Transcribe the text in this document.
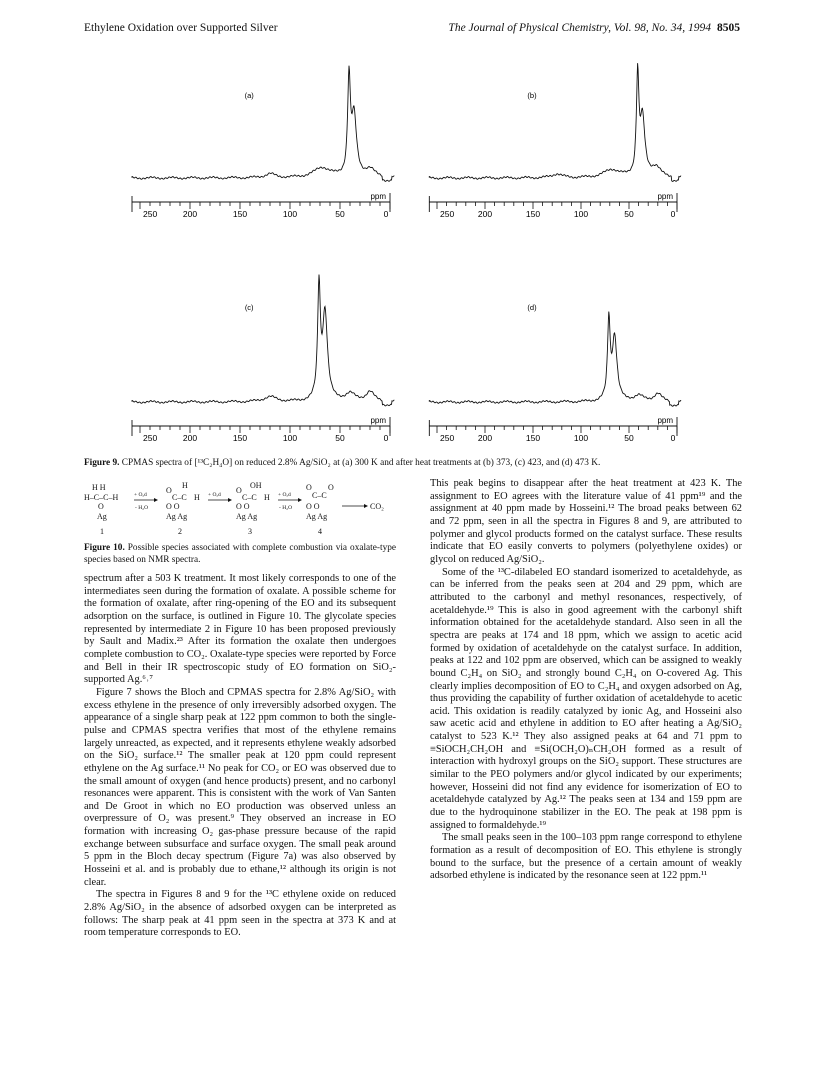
Ethylene Oxidation over Supported Silver	The Journal of Physical Chemistry, Vol. 98, No. 34, 1994 8505
(a)
ppm
250	200	150	100	50	0
(b)
ppm
250	200	150	100	50	0
(c)
ppm
250	200	150	100	50	0
(d)
ppm
250	200	150	100	50	0
Figure 9. CPMAS spectra of [¹³C₂H₄O] on reduced 2.8% Ag/SiO₂ at (a) 300 K and after heat treatments at (b) 373, (c) 423, and (d) 473 K.
H H
H–C–C–H
O
Ag
+ Oₐd
- H₂O
H
O
C–C H
O O
Ag Ag
+ Oₐd
OH
O
C–C H
O O
Ag Ag
+ Oₐd
- H₂O
O O
C–C
O O
Ag Ag
CO₂
1	2	3	4
Figure 10. Possible species associated with complete combustion via oxalate-type species based on NMR spectra.

spectrum after a 503 K treatment. It most likely corresponds to one of the intermediates seen during the formation of oxalate. A possible scheme for the formation of oxalate, after ring-opening of the EO and its subsequent adsorption on the surface, is outlined in Figure 10. The glycolate species represented by intermediate 2 in Figure 10 has been proposed previously by Sault and Madix.²³ After its formation the oxalate then undergoes complete combustion to CO₂. Oxalate-type species were reported by Force and Bell in their IR spectroscopic study of EO formation on SiO₂-supported Ag.⁶˒⁷

Figure 7 shows the Bloch and CPMAS spectra for 2.8% Ag/SiO₂ with excess ethylene in the presence of only irreversibly adsorbed oxygen. The appearance of a single sharp peak at 122 ppm common to both the single-pulse and CPMAS spectra verifies that most of the ethylene remains largely unreacted, as expected, and it represents ethylene weakly adsorbed on the SiO₂ surface.¹² The smaller peak at 120 ppm could represent ethylene on the Ag surface.¹¹ No peak for CO₂ or EO was observed due to the small amount of oxygen (and hence products) present, and no carbonyl resonances were apparent. This is consistent with the work of Van Santen and De Groot in which no EO production was observed unless an overpressure of O₂ was present.⁹ They observed an increase in EO formation with increasing O₂ gas-phase pressure because of the rapid exchange between subsurface and surface oxygen. The small peak around 5 ppm in the Bloch decay spectrum (Figure 7a) was also observed by Hosseini et al. and is probably due to ethane,¹² although its origin is not clear.

The spectra in Figures 8 and 9 for the ¹³C ethylene oxide on reduced 2.8% Ag/SiO₂ in the absence of adsorbed oxygen can be interpreted as follows: The sharp peak at 41 ppm seen in the spectra at 373 K and at room temperature corresponds to EO.

This peak begins to disappear after the heat treatment at 423 K. The assignment to EO agrees with the literature value of 41 ppm¹⁹ and the assignment at 40 ppm made by Hosseini.¹² The broad peaks between 62 and 72 ppm, seen in all the spectra in Figures 8 and 9, are attributed to polymer and glycol products formed on the catalyst surface. These results indicate that EO easily converts to polymers (polyethylene oxides) or glycol on reduced Ag/SiO₂.

Some of the ¹³C-dilabeled EO standard isomerized to acetaldehyde, as can be inferred from the peaks seen at 204 and 29 ppm, which are attributed to the carbonyl and methyl resonances, respectively, of acetaldehyde.¹⁹ This is also in good agreement with the carbonyl shift information obtained for the acetaldehyde standard. Also seen in all the spectra are peaks at 174 and 18 ppm, which we assign to acetic acid formed by oxidation of acetaldehyde on the catalyst surface. In addition, peaks at 122 and 102 ppm are observed, which can be assigned to weakly bound C₂H₄ on SiO₂ and strongly bound C₂H₄ on O-covered Ag. This clearly implies decomposition of EO to C₂H₄ and oxygen adsorbed on Ag, thus providing the capability of further oxidation of acetaldehyde to acetic acid. This oxidation is readily catalyzed by ionic Ag, and Hosseini also saw acetic acid and ethylene in addition to EO after heating a Ag/SiO₂ catalyst to 523 K.¹² They also assigned peaks at 64 and 71 ppm to ≡SiOCH₂CH₂OH and ≡Si(OCH₂O)ₙCH₂OH formed as a result of interaction with hydroxyl groups on the SiO₂ support. These structures are similar to the PEO polymers and/or glycol indicated by our experiments; however, Hosseini did not find any evidence for isomerization of EO to acetaldehyde catalyzed by Ag.¹² The peaks seen at 134 and 159 ppm are due to the hydroquinone stabilizer in the EO. The peak at 198 ppm is assigned to formaldehyde.¹⁹

The small peaks seen in the 100–103 ppm range correspond to ethylene formation as a result of decomposition of EO. This ethylene is strongly bound to the surface, but the presence of a certain amount of weakly adsorbed ethylene is indicated by the resonance seen at 122 ppm.¹¹
